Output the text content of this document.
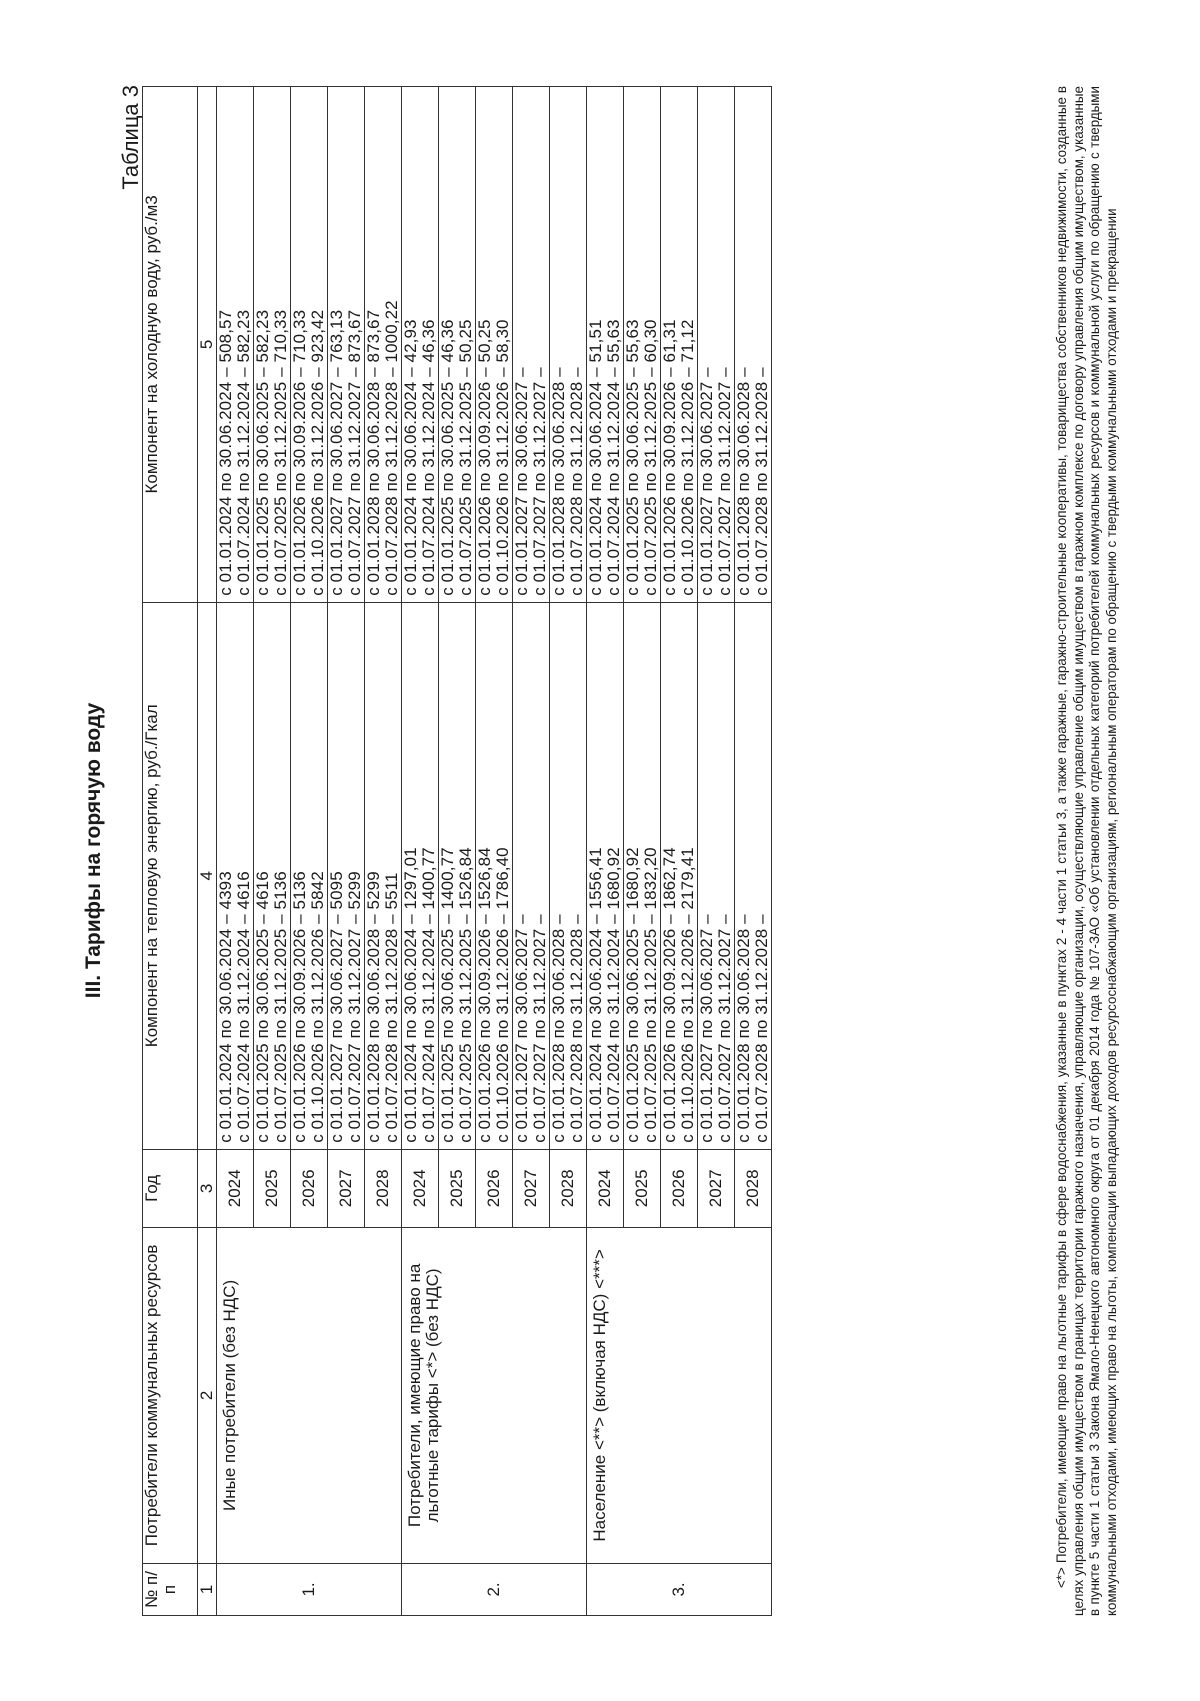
III. Тарифы на горячую воду
Таблица 3
№ п/п	Потребители коммунальных ресурсов	Год	Компонент на тепловую энергию, руб./Гкал	Компонент на холодную воду, руб./м3
1	2	3	4	5
1.	Иные потребители (без НДС)	2024	с 01.01.2024 по 30.06.2024 – 4393 с 01.07.2024 по 31.12.2024 – 4616	с 01.01.2024 по 30.06.2024 – 508,57 с 01.07.2024 по 31.12.2024 – 582,23

		2025	с 01.01.2025 по 30.06.2025 – 4616 с 01.07.2025 по 31.12.2025 – 5136	с 01.01.2025 по 30.06.2025 – 582,23 с 01.07.2025 по 31.12.2025 – 710,33

		2026	с 01.01.2026 по 30.09.2026 – 5136 с 01.10.2026 по 31.12.2026 – 5842	с 01.01.2026 по 30.09.2026 – 710,33 с 01.10.2026 по 31.12.2026 – 923,42

		2027	с 01.01.2027 по 30.06.2027 – 5095 с 01.07.2027 по 31.12.2027 – 5299	с 01.01.2027 по 30.06.2027 – 763,13 с 01.07.2027 по 31.12.2027 – 873,67

		2028	с 01.01.2028 по 30.06.2028 – 5299 с 01.07.2028 по 31.12.2028 – 5511	с 01.01.2028 по 30.06.2028 – 873,67 с 01.07.2028 по 31.12.2028 – 1000,22

2.	Потребители, имеющие право на льготные тарифы <*> (без НДС)	2024	с 01.01.2024 по 30.06.2024 – 1297,01 с 01.07.2024 по 31.12.2024 – 1400,77	с 01.01.2024 по 30.06.2024 – 42,93 с 01.07.2024 по 31.12.2024 – 46,36

		2025	с 01.01.2025 по 30.06.2025 – 1400,77 с 01.07.2025 по 31.12.2025 – 1526,84	с 01.01.2025 по 30.06.2025 – 46,36 с 01.07.2025 по 31.12.2025 – 50,25

		2026	с 01.01.2026 по 30.09.2026 – 1526,84 с 01.10.2026 по 31.12.2026 – 1786,40	с 01.01.2026 по 30.09.2026 – 50,25 с 01.10.2026 по 31.12.2026 – 58,30

		2027	с 01.01.2027 по 30.06.2027 – с 01.07.2027 по 31.12.2027 –	с 01.01.2027 по 30.06.2027 – с 01.07.2027 по 31.12.2027 –

		2028	с 01.01.2028 по 30.06.2028 – с 01.07.2028 по 31.12.2028 –	с 01.01.2028 по 30.06.2028 – с 01.07.2028 по 31.12.2028 –

3.	Население <**> (включая НДС) <***>	2024	с 01.01.2024 по 30.06.2024 – 1556,41 с 01.07.2024 по 31.12.2024 – 1680,92	с 01.01.2024 по 30.06.2024 – 51,51 с 01.07.2024 по 31.12.2024 – 55,63

		2025	с 01.01.2025 по 30.06.2025 – 1680,92 с 01.07.2025 по 31.12.2025 – 1832,20	с 01.01.2025 по 30.06.2025 – 55,63 с 01.07.2025 по 31.12.2025 – 60,30

		2026	с 01.01.2026 по 30.09.2026 – 1862,74 с 01.10.2026 по 31.12.2026 – 2179,41	с 01.01.2026 по 30.09.2026 – 61,31 с 01.10.2026 по 31.12.2026 – 71,12

		2027	с 01.01.2027 по 30.06.2027 – с 01.07.2027 по 31.12.2027 –	с 01.01.2027 по 30.06.2027 – с 01.07.2027 по 31.12.2027 –

		2028	с 01.01.2028 по 30.06.2028 – с 01.07.2028 по 31.12.2028 –	с 01.01.2028 по 30.06.2028 – с 01.07.2028 по 31.12.2028 –	<*> Потребители, имеющие право на льготные тарифы в сфере водоснабжения, указанные в пунктах 2 - 4 части 1 статьи 3, а также гаражные, гаражно-строительные кооперативы, товарищества собственников недвижимости, созданные в целях управления общим имуществом в границах территории гаражного назначения, управляющие организации, осуществляющие управление общим имуществом в гаражном комплексе по договору управления общим имуществом, указанные в пункте 5 части 1 статьи 3 Закона Ямало-Ненецкого автономного округа от 01 декабря 2014 года № 107-ЗАО «Об установлении отдельных категорий потребителей коммунальных ресурсов и коммунальной услуги по обращению с твердыми коммунальными отходами, имеющих право на льготы, компенсации выпадающих доходов ресурсоснабжающим организациям, региональным операторам по обращению с твердыми коммунальными отходами и прекращении
